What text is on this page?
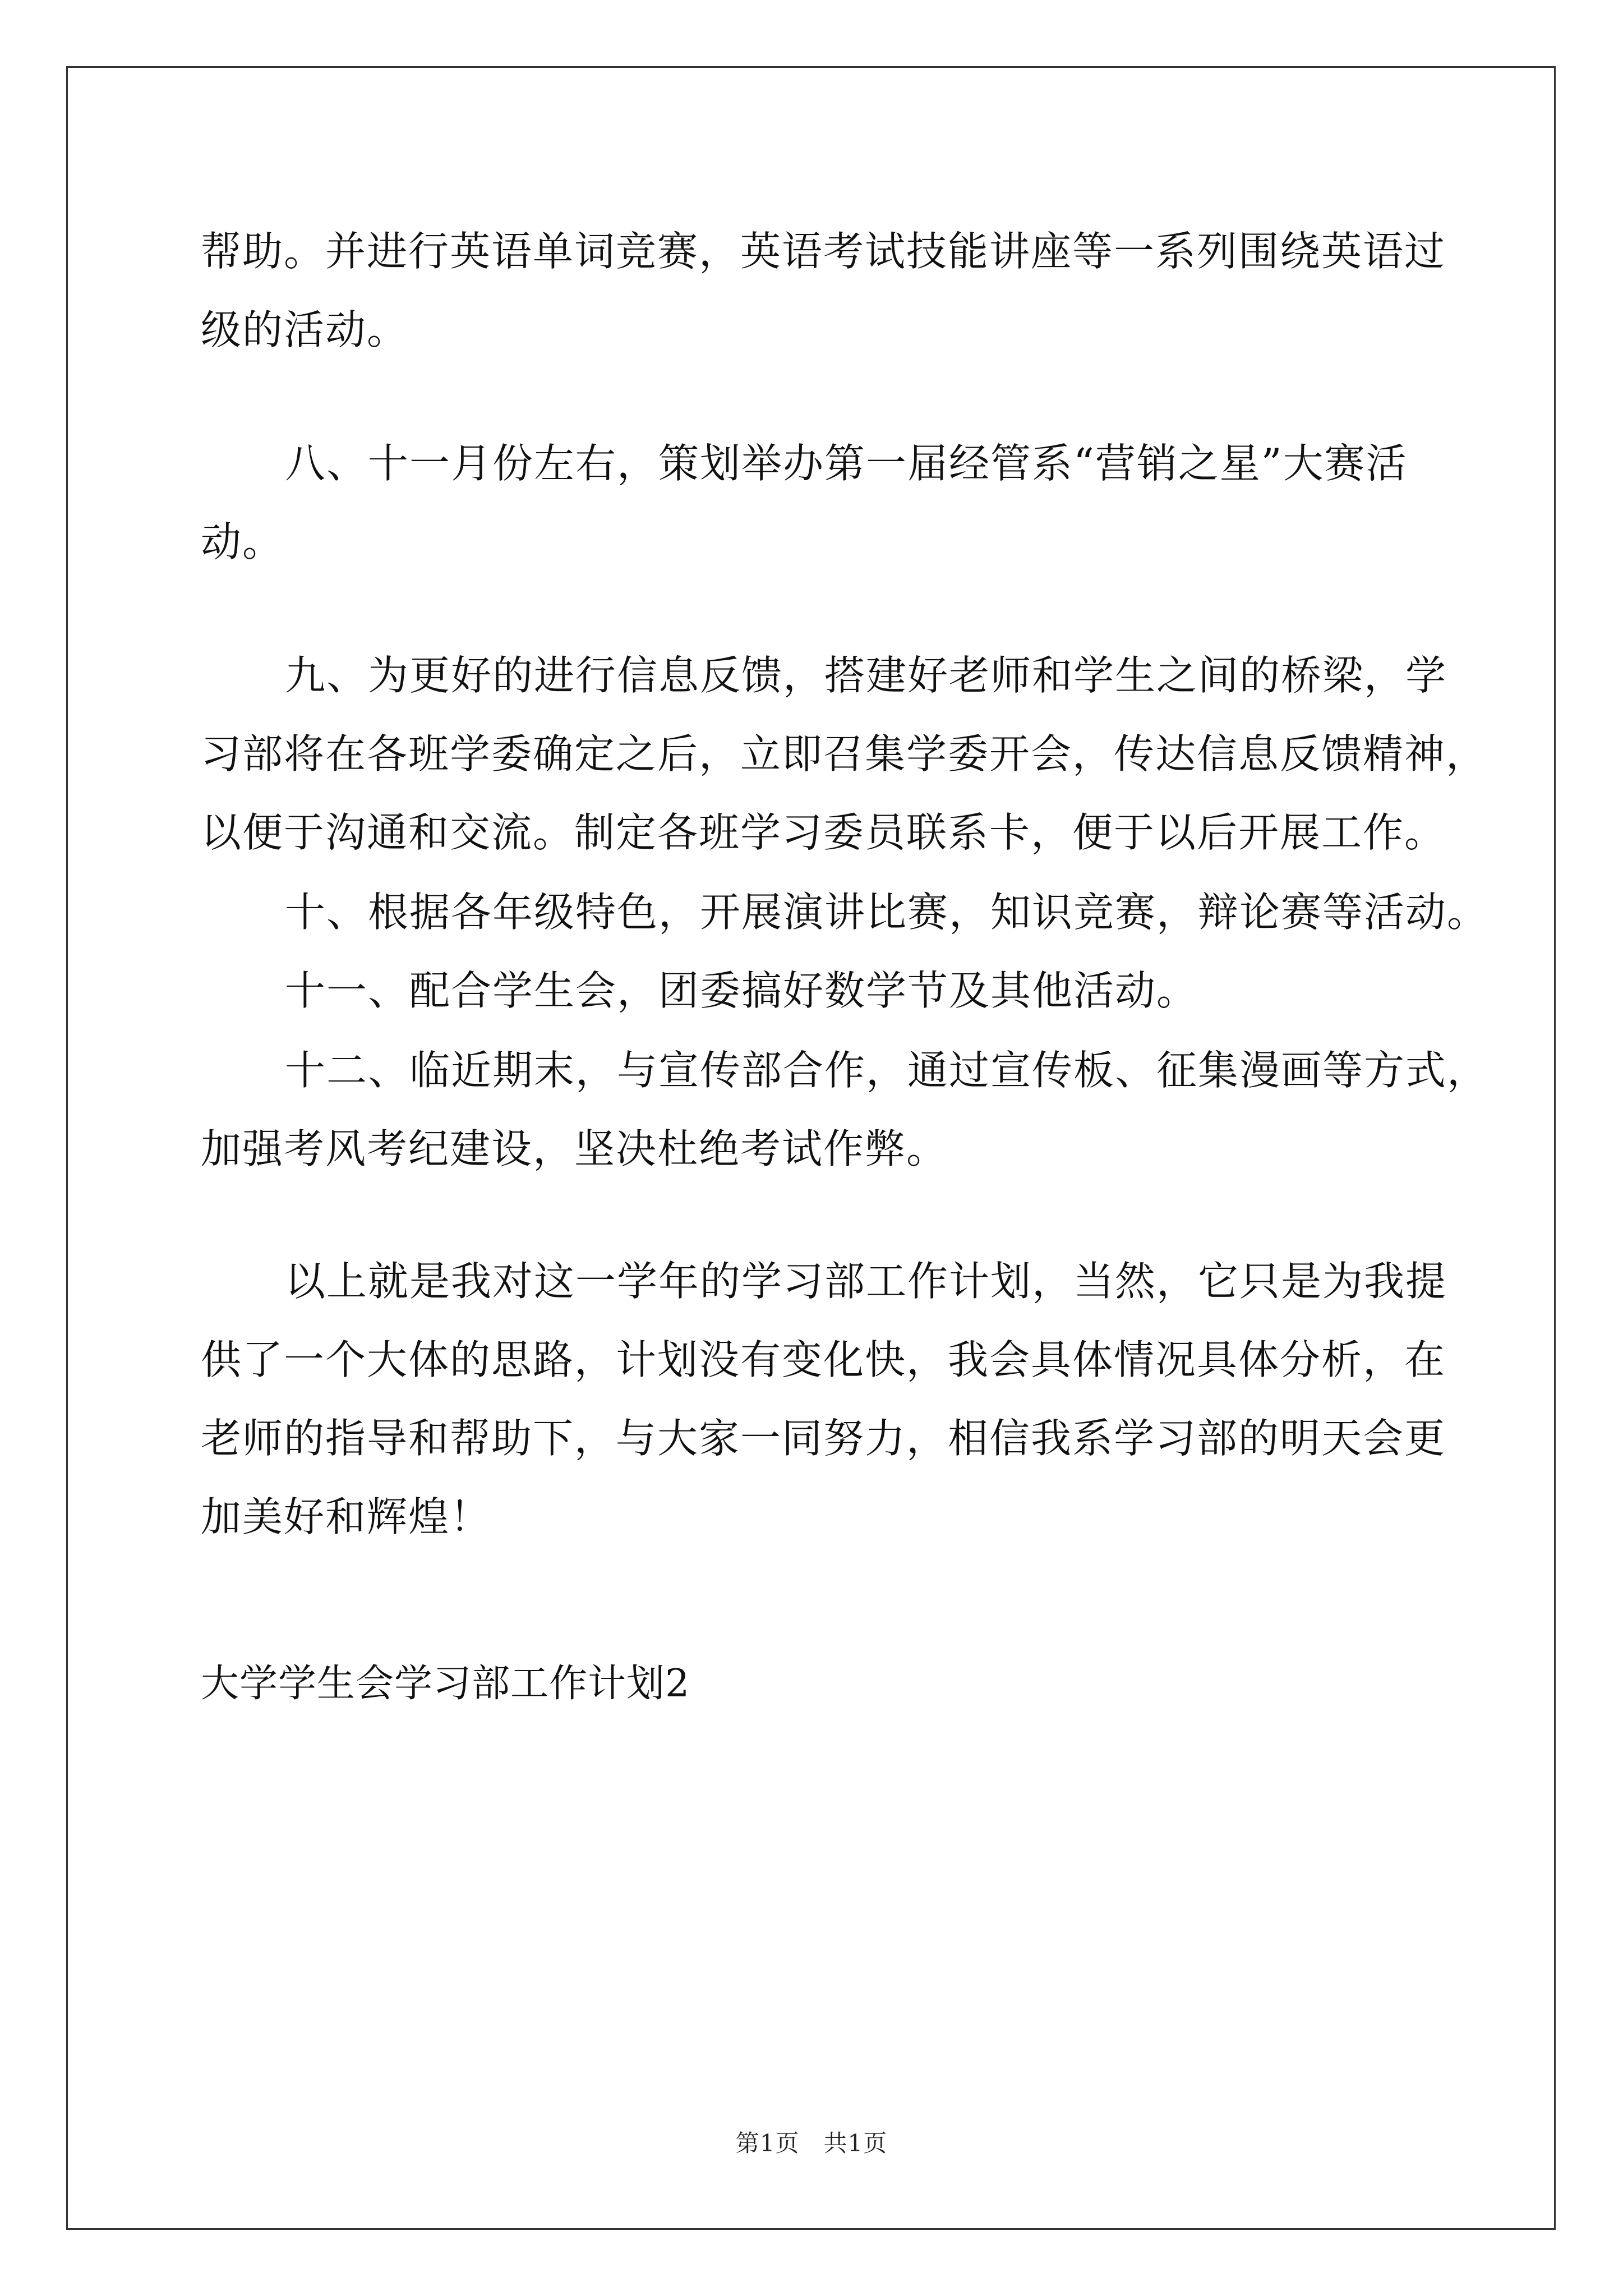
帮助。并进行英语单词竞赛，英语考试技能讲座等一系列围绕英语过
级的活动。
八、十一月份左右，策划举办第一届经管系“营销之星”大赛活
动。
九、为更好的进行信息反馈，搭建好老师和学生之间的桥梁，学
习部将在各班学委确定之后，立即召集学委开会，传达信息反馈精神，
以便于沟通和交流。制定各班学习委员联系卡，便于以后开展工作。
十、根据各年级特色，开展演讲比赛，知识竞赛，辩论赛等活动。
十一、配合学生会，团委搞好数学节及其他活动。
十二、临近期末，与宣传部合作，通过宣传板、征集漫画等方式，
加强考风考纪建设，坚决杜绝考试作弊。
以上就是我对这一学年的学习部工作计划，当然，它只是为我提
供了一个大体的思路，计划没有变化快，我会具体情况具体分析，在
老师的指导和帮助下，与大家一同努力，相信我系学习部的明天会更
加美好和辉煌！
大学学生会学习部工作计划2
第1页　共1页
